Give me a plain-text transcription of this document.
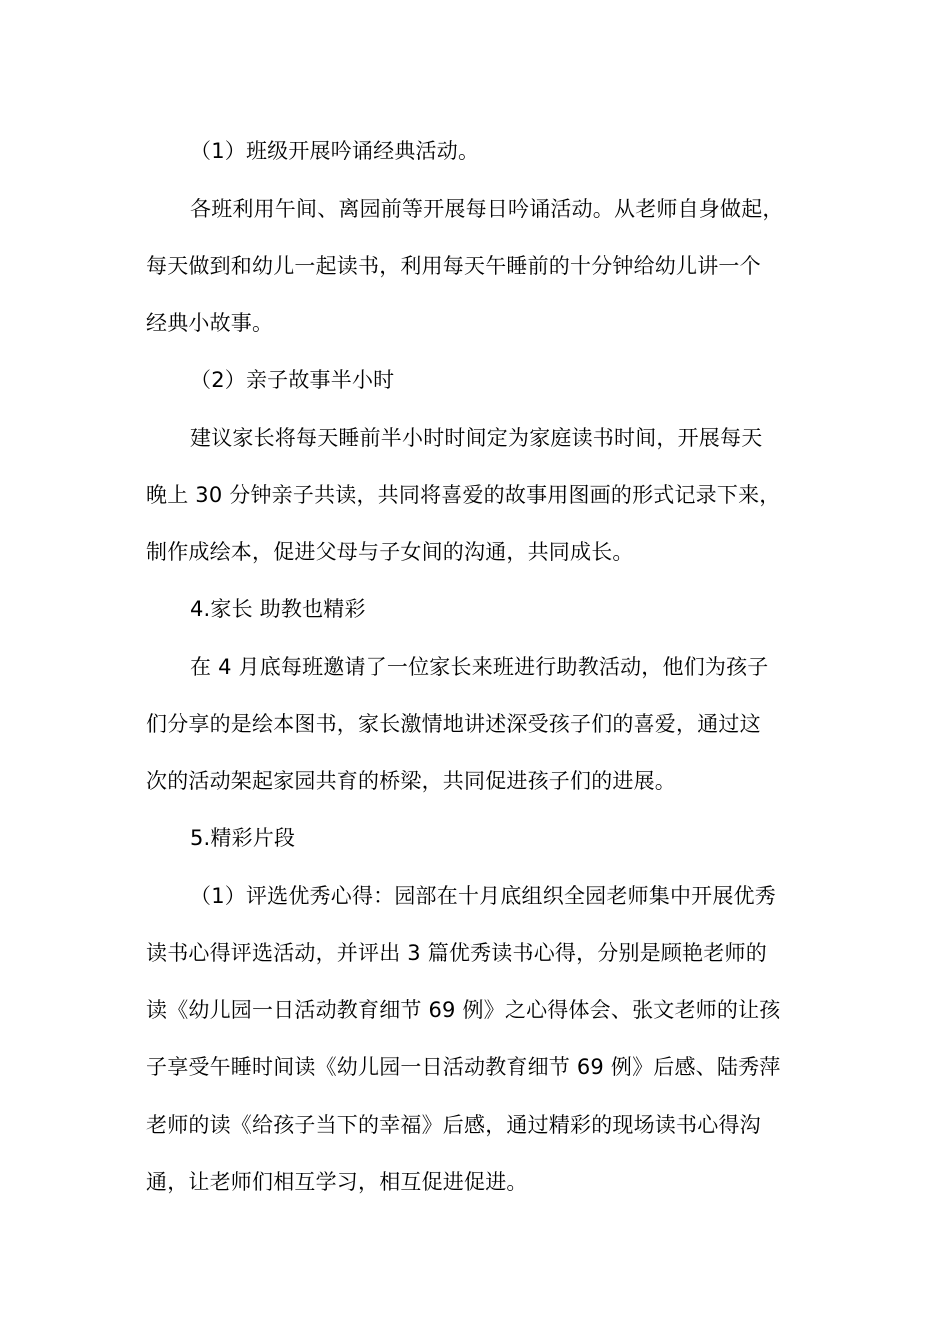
（1）班级开展吟诵经典活动。
各班利用午间、离园前等开展每日吟诵活动。从老师自身做起，
每天做到和幼儿一起读书，利用每天午睡前的十分钟给幼儿讲一个
经典小故事。
（2）亲子故事半小时
建议家长将每天睡前半小时时间定为家庭读书时间，开展每天
晚上 30 分钟亲子共读，共同将喜爱的故事用图画的形式记录下来，
制作成绘本，促进父母与子女间的沟通，共同成长。
4.家长 助教也精彩
在 4 月底每班邀请了一位家长来班进行助教活动，他们为孩子
们分享的是绘本图书，家长激情地讲述深受孩子们的喜爱，通过这
次的活动架起家园共育的桥梁，共同促进孩子们的进展。
5.精彩片段
（1）评选优秀心得：园部在十月底组织全园老师集中开展优秀
读书心得评选活动，并评出 3 篇优秀读书心得，分别是顾艳老师的
读《幼儿园一日活动教育细节 69 例》之心得体会、张文老师的让孩
子享受午睡时间读《幼儿园一日活动教育细节 69 例》后感、陆秀萍
老师的读《给孩子当下的幸福》后感，通过精彩的现场读书心得沟
通，让老师们相互学习，相互促进促进。
